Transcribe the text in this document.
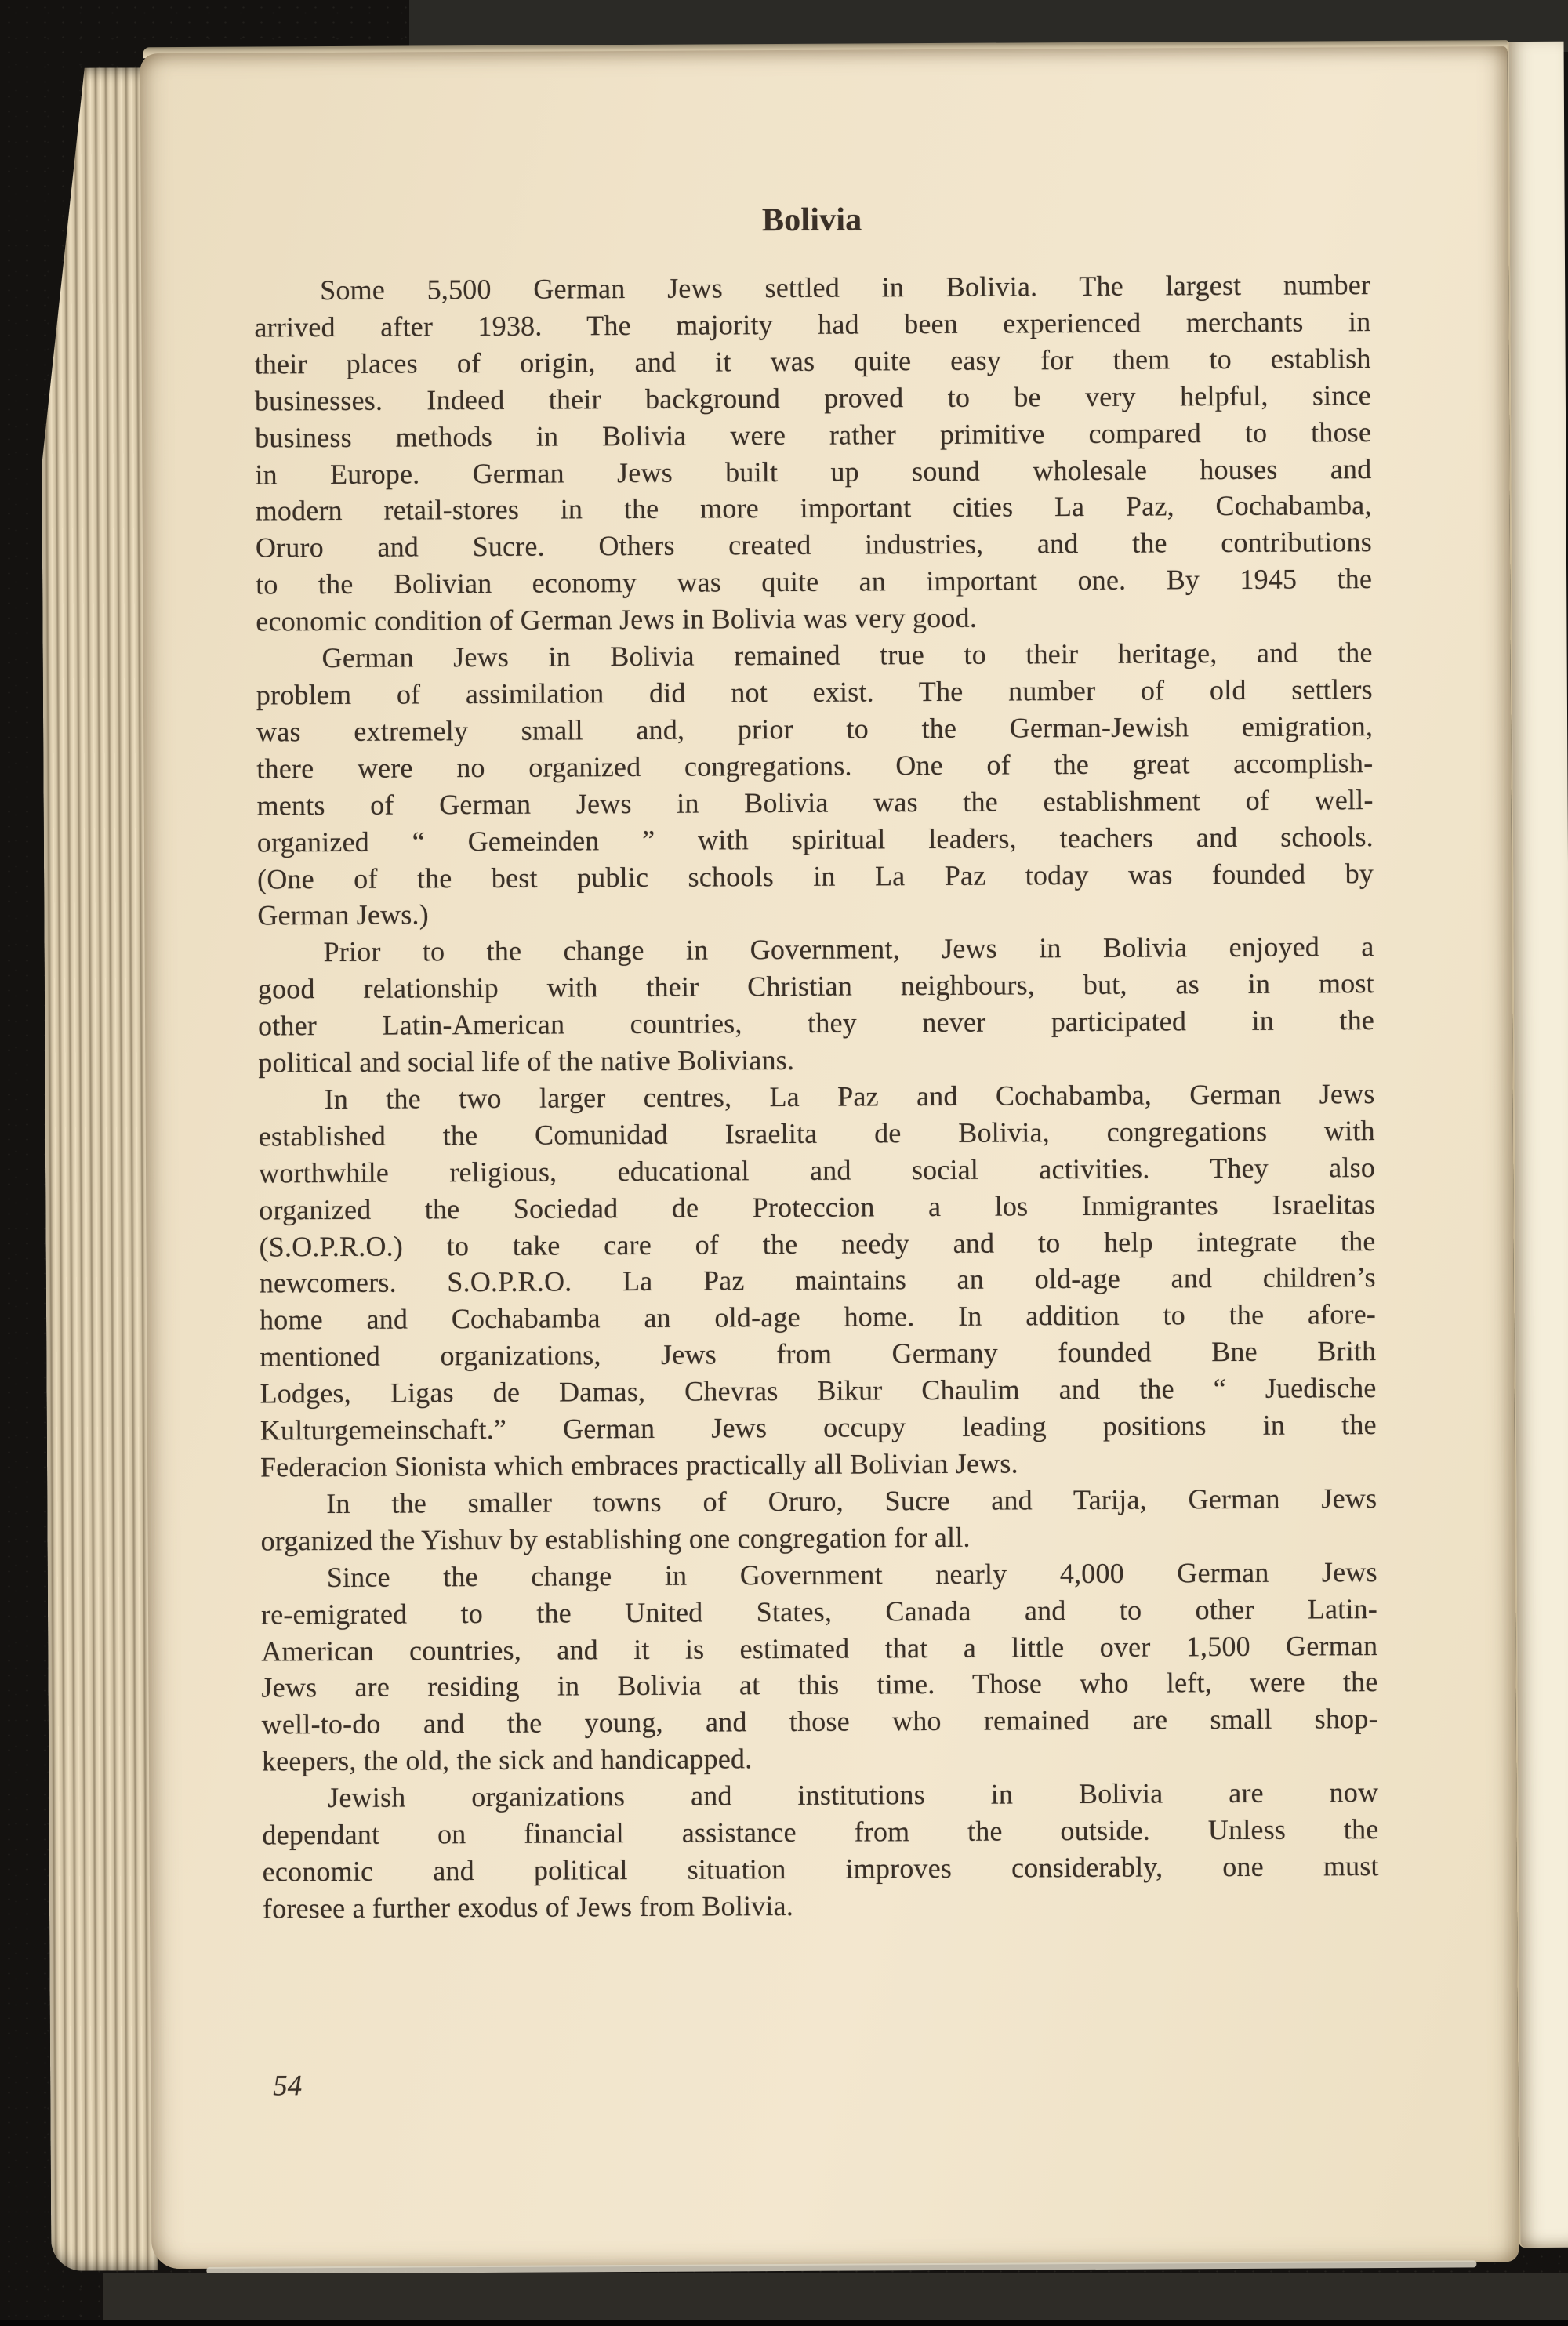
Bolivia
Some 5,500 German Jews settled in Bolivia. The largest number
arrived after 1938. The majority had been experienced merchants in
their places of origin, and it was quite easy for them to establish
businesses. Indeed their background proved to be very helpful, since
business methods in Bolivia were rather primitive compared to those
in Europe. German Jews built up sound wholesale houses and
modern retail-stores in the more important cities La Paz, Cochabamba,
Oruro and Sucre. Others created industries, and the contributions
to the Bolivian economy was quite an important one. By 1945 the
economic condition of German Jews in Bolivia was very good.
German Jews in Bolivia remained true to their heritage, and the
problem of assimilation did not exist. The number of old settlers
was extremely small and, prior to the German-Jewish emigration,
there were no organized congregations. One of the great accomplish-
ments of German Jews in Bolivia was the establishment of well-
organized “ Gemeinden ” with spiritual leaders, teachers and schools.
(One of the best public schools in La Paz today was founded by
German Jews.)
Prior to the change in Government, Jews in Bolivia enjoyed a
good relationship with their Christian neighbours, but, as in most
other Latin-American countries, they never participated in the
political and social life of the native Bolivians.
In the two larger centres, La Paz and Cochabamba, German Jews
established the Comunidad Israelita de Bolivia, congregations with
worthwhile religious, educational and social activities. They also
organized the Sociedad de Proteccion a los Inmigrantes Israelitas
(S.O.P.R.O.) to take care of the needy and to help integrate the
newcomers. S.O.P.R.O. La Paz maintains an old-age and children’s
home and Cochabamba an old-age home. In addition to the afore-
mentioned organizations, Jews from Germany founded Bne Brith
Lodges, Ligas de Damas, Chevras Bikur Chaulim and the “ Juedische
Kulturgemeinschaft.” German Jews occupy leading positions in the
Federacion Sionista which embraces practically all Bolivian Jews.
In the smaller towns of Oruro, Sucre and Tarija, German Jews
organized the Yishuv by establishing one congregation for all.
Since the change in Government nearly 4,000 German Jews
re-emigrated to the United States, Canada and to other Latin-
American countries, and it is estimated that a little over 1,500 German
Jews are residing in Bolivia at this time. Those who left, were the
well-to-do and the young, and those who remained are small shop-
keepers, the old, the sick and handicapped.
Jewish organizations and institutions in Bolivia are now
dependant on financial assistance from the outside. Unless the
economic and political situation improves considerably, one must
foresee a further exodus of Jews from Bolivia.
54
